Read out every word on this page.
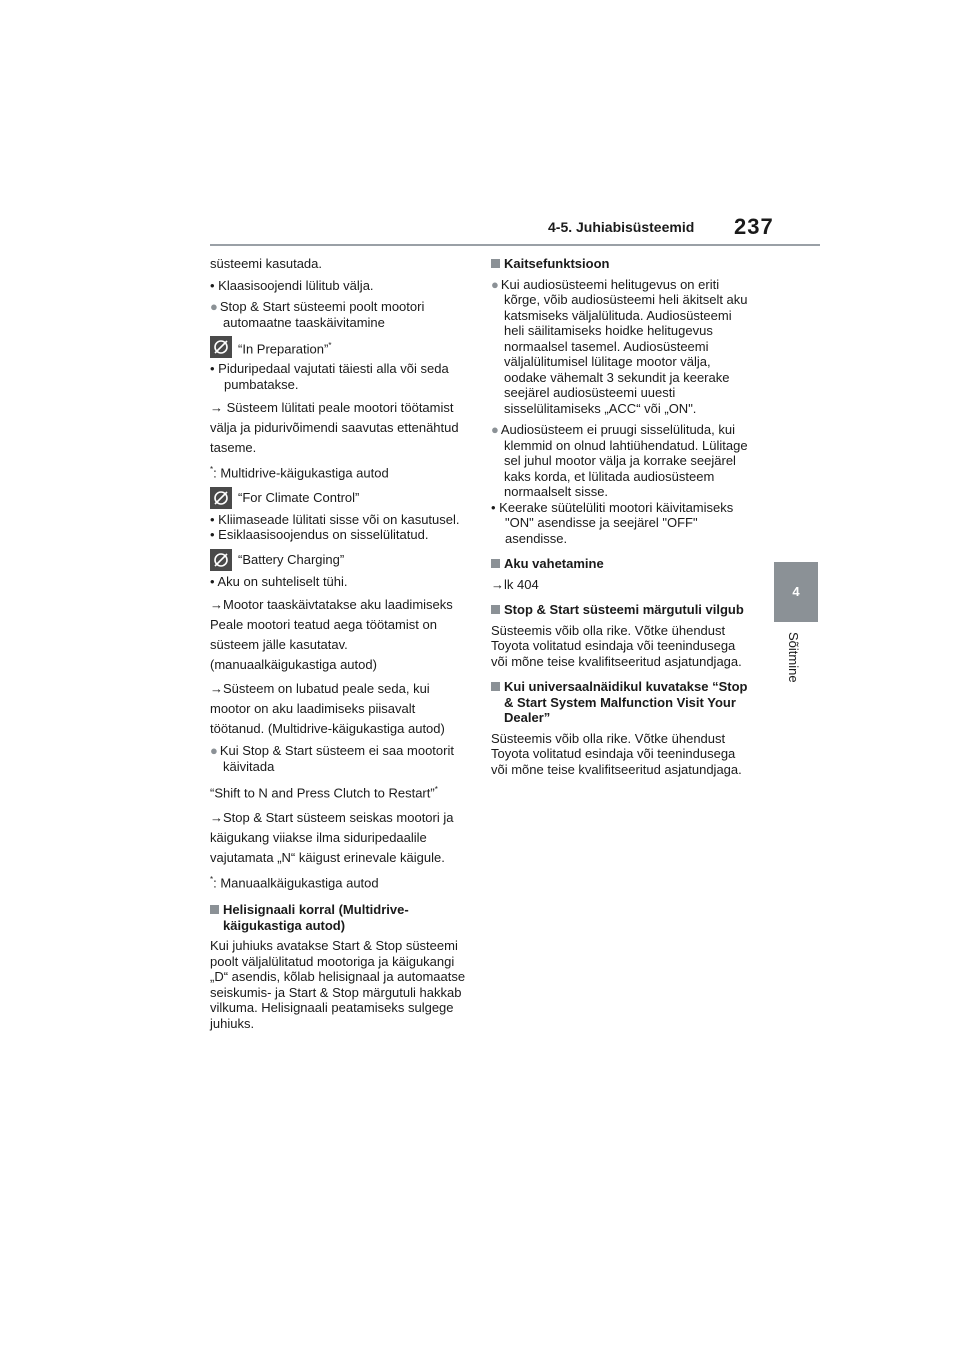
4-5. Juhiabisüsteemid 237
4
Sõitmine

süsteemi kasutada.

• Klaasisoojendi lülitub välja.

● Stop & Start süsteemi poolt mootori automaatne taaskäivitamine

“In Preparation”*

• Piduripedaal vajutati täiesti alla või seda pumbatakse.

→ Süsteem lülitati peale mootori töötamist välja ja pidurivõimendi saavutas ettenähtud taseme.

*: Multidrive-käigukastiga autod

“For Climate Control”

• Kliimaseade lülitati sisse või on kasutusel.

• Esiklaasisoojendus on sisselülitatud.

“Battery Charging”

• Aku on suhteliselt tühi.

→Mootor taaskäivtatakse aku laadimiseks Peale mootori teatud aega töötamist on süsteem jälle kasutatav. (manuaalkäigukastiga autod)

→Süsteem on lubatud peale seda, kui mootor on aku laadimiseks piisavalt töötanud. (Multidrive-käigukastiga autod)

● Kui Stop & Start süsteem ei saa mootorit käivitada

“Shift to N and Press Clutch to Restart”*

→Stop & Start süsteem seiskas mootori ja käigukang viiakse ilma siduripedaalile vajutamata „N“ käigust erinevale käigule.

*: Manuaalkäigukastiga autod

Helisignaali korral (Multidrive-käigukastiga autod)

Kui juhiuks avatakse Start & Stop süsteemi poolt väljalülitatud mootoriga ja käigukangi „D“ asendis, kõlab helisignaal ja automaatse seiskumis- ja Start & Stop märgutuli hakkab vilkuma. Helisignaali peatamiseks sulgege juhiuks.

Kaitsefunktsioon

● Kui audiosüsteemi helitugevus on eriti kõrge, võib audiosüsteemi heli äkitselt aku katsmiseks väljalülituda. Audiosüsteemi heli säilitamiseks hoidke helitugevus normaalsel tasemel. Audiosüsteemi väljalülitumisel lülitage mootor välja, oodake vähemalt 3 sekundit ja keerake seejärel audiosüsteemi uuesti sisselülitamiseks „ACC“ või „ON".

● Audiosüsteem ei pruugi sisselülituda, kui klemmid on olnud lahtiühendatud. Lülitage sel juhul mootor välja ja korrake seejärel kaks korda, et lülitada audiosüsteem normaalselt sisse.

• Keerake süütelüliti mootori käivitamiseks "ON" asendisse ja seejärel "OFF" asendisse.

Aku vahetamine

→lk 404

Stop & Start süsteemi märgutuli vilgub

Süsteemis võib olla rike. Võtke ühendust Toyota volitatud esindaja või teenindusega või mõne teise kvalifitseeritud asjatundjaga.

Kui universaalnäidikul kuvatakse “Stop & Start System Malfunction Visit Your Dealer”

Süsteemis võib olla rike. Võtke ühendust Toyota volitatud esindaja või teenindusega või mõne teise kvalifitseeritud asjatundjaga.
